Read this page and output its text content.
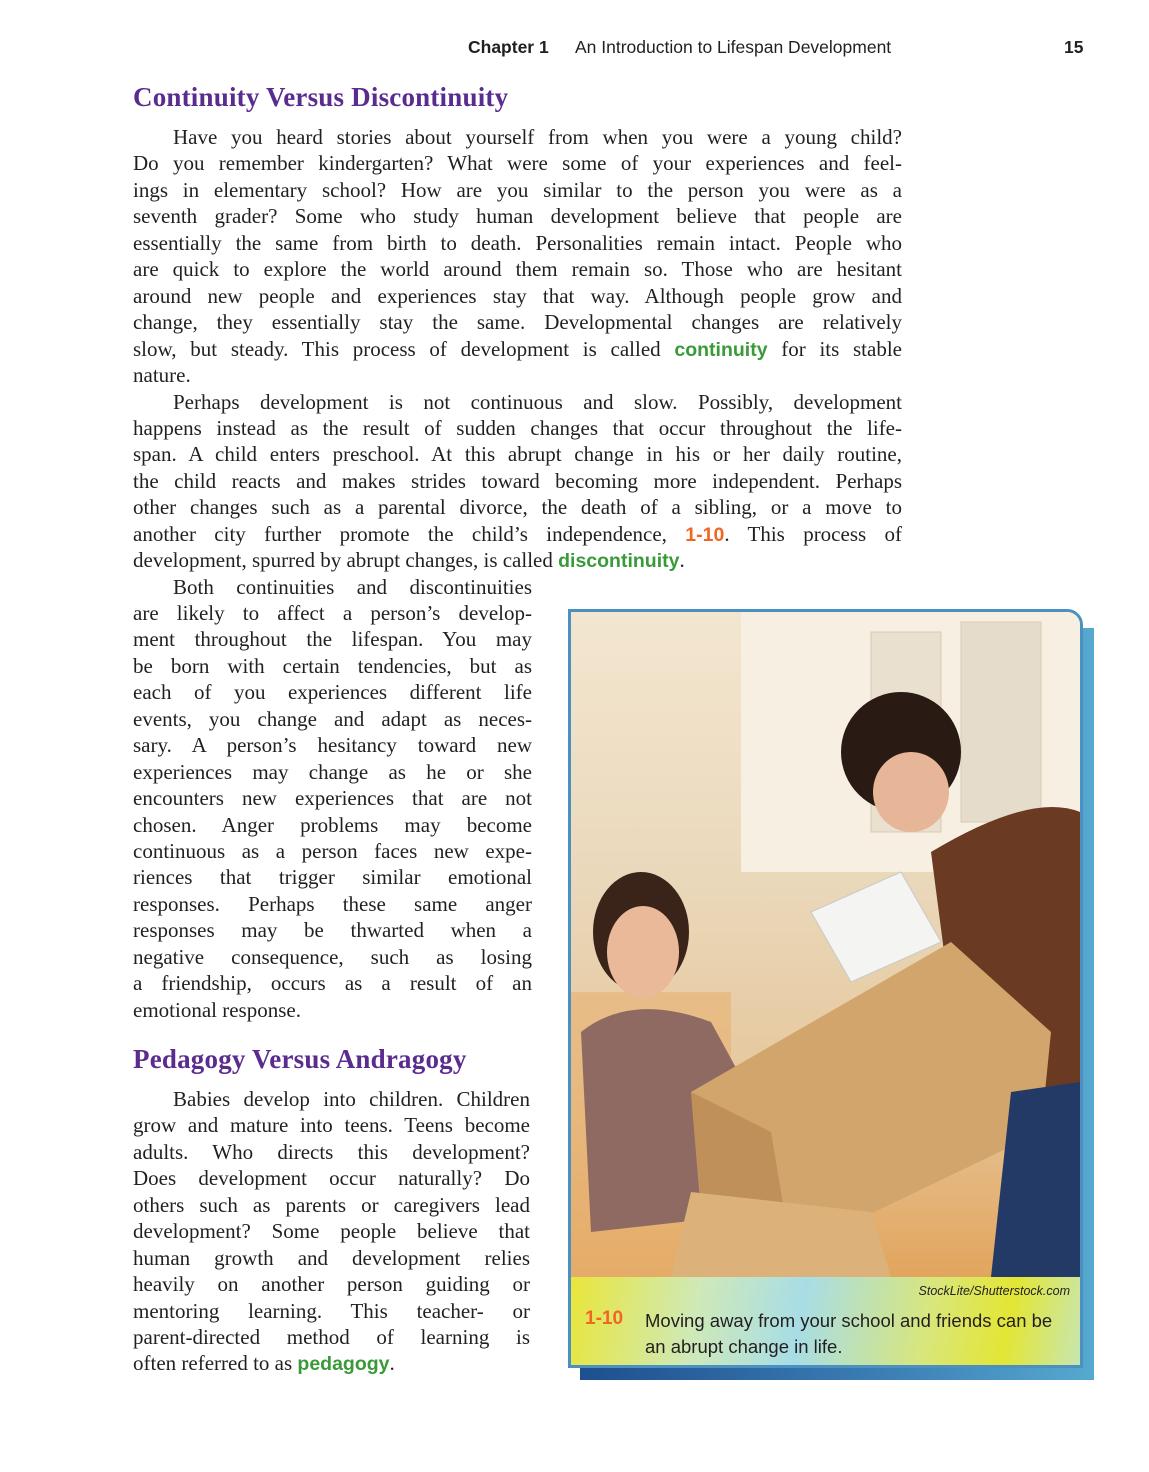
Chapter 1 An Introduction to Lifespan Development	15
Continuity Versus Discontinuity
Have you heard stories about yourself from when you were a young child?
Do you remember kindergarten? What were some of your experiences and feel-
ings in elementary school? How are you similar to the person you were as a
seventh grader? Some who study human development believe that people are
essentially the same from birth to death. Personalities remain intact. People who
are quick to explore the world around them remain so. Those who are hesitant
around new people and experiences stay that way. Although people grow and
change, they essentially stay the same. Developmental changes are relatively
slow, but steady. This process of development is called continuity for its stable
nature.
Perhaps development is not continuous and slow. Possibly, development
happens instead as the result of sudden changes that occur throughout the life-
span. A child enters preschool. At this abrupt change in his or her daily routine,
the child reacts and makes strides toward becoming more independent. Perhaps
other changes such as a parental divorce, the death of a sibling, or a move to
another city further promote the child’s independence, 1-10. This process of
development, spurred by abrupt changes, is called discontinuity.
Both continuities and discontinuities
are likely to affect a person’s develop-
ment throughout the lifespan. You may
be born with certain tendencies, but as
each of you experiences different life
events, you change and adapt as neces-
sary. A person’s hesitancy toward new
experiences may change as he or she
encounters new experiences that are not
chosen. Anger problems may become
continuous as a person faces new expe-
riences that trigger similar emotional
responses. Perhaps these same anger
responses may be thwarted when a
negative consequence, such as losing
a friendship, occurs as a result of an
emotional response.
Pedagogy Versus Andragogy
Babies develop into children. Children
grow and mature into teens. Teens become
adults. Who directs this development?
Does development occur naturally? Do
others such as parents or caregivers lead
development? Some people believe that
human growth and development relies
heavily on another person guiding or
mentoring learning. This teacher- or
parent-directed method of learning is
often referred to as pedagogy.
StockLite/Shutterstock.com
1-10 Moving away from your school and friends can be an abrupt change in life.
